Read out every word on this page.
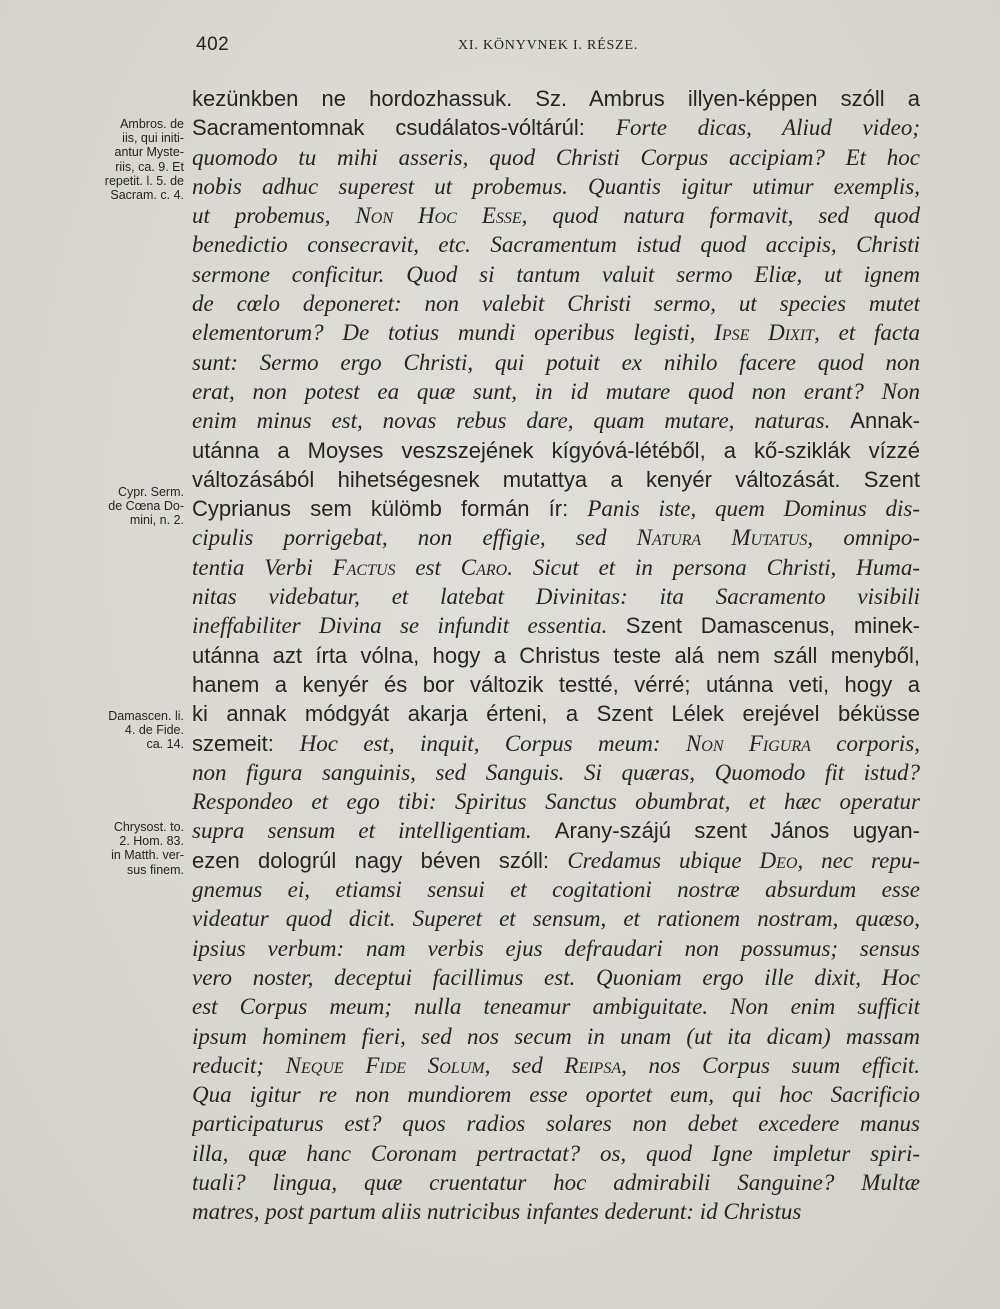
402	XI. KÖNYVNEK I. RÉSZE.
Ambros. de
iis, qui initi-
antur Myste-
riis, ca. 9. Et
repetit. l. 5. de
Sacram. c. 4.
Cypr. Serm.
de Cœna Do-
mini, n. 2.
Damascen. li.
4. de Fide.
ca. 14.
Chrysost. to.
2. Hom. 83.
in Matth. ver-
sus finem.
kezünkben ne hordozhassuk. Sz. Ambrus illyen-képpen szóll a
Sacramentomnak csudálatos-vóltárúl: Forte dicas, Aliud video;
quomodo tu mihi asseris, quod Christi Corpus accipiam? Et hoc
nobis adhuc superest ut probemus. Quantis igitur utimur exemplis,
ut probemus, Non Hoc Esse, quod natura formavit, sed quod
benedictio consecravit, etc. Sacramentum istud quod accipis, Christi
sermone conficitur. Quod si tantum valuit sermo Eliæ, ut ignem
de cœlo deponeret: non valebit Christi sermo, ut species mutet
elementorum? De totius mundi operibus legisti, Ipse Dixit, et facta
sunt: Sermo ergo Christi, qui potuit ex nihilo facere quod non
erat, non potest ea quæ sunt, in id mutare quod non erant? Non
enim minus est, novas rebus dare, quam mutare, naturas. Annak-
utánna a Moyses veszszejének kígyóvá-létéből, a kő-sziklák vízzé
változásából hihetségesnek mutattya a kenyér változását. Szent
Cyprianus sem külömb formán ír: Panis iste, quem Dominus dis-
cipulis porrigebat, non effigie, sed Natura Mutatus, omnipo-
tentia Verbi Factus est Caro. Sicut et in persona Christi, Huma-
nitas videbatur, et latebat Divinitas: ita Sacramento visibili
ineffabiliter Divina se infundit essentia. Szent Damascenus, minek-
utánna azt írta vólna, hogy a Christus teste alá nem száll menyből,
hanem a kenyér és bor változik testté, vérré; utánna veti, hogy a
ki annak módgyát akarja érteni, a Szent Lélek erejével béküsse
szemeit: Hoc est, inquit, Corpus meum: Non Figura corporis,
non figura sanguinis, sed Sanguis. Si quæras, Quomodo fit istud?
Respondeo et ego tibi: Spiritus Sanctus obumbrat, et hæc operatur
supra sensum et intelligentiam. Arany-szájú szent János ugyan-
ezen dologrúl nagy béven szóll: Credamus ubique Deo, nec repu-
gnemus ei, etiamsi sensui et cogitationi nostræ absurdum esse
videatur quod dicit. Superet et sensum, et rationem nostram, quæso,
ipsius verbum: nam verbis ejus defraudari non possumus; sensus
vero noster, deceptui facillimus est. Quoniam ergo ille dixit, Hoc
est Corpus meum; nulla teneamur ambiguitate. Non enim sufficit
ipsum hominem fieri, sed nos secum in unam (ut ita dicam) massam
reducit; Neque Fide Solum, sed Reipsa, nos Corpus suum efficit.
Qua igitur re non mundiorem esse oportet eum, qui hoc Sacrificio
participaturus est? quos radios solares non debet excedere manus
illa, quæ hanc Coronam pertractat? os, quod Igne impletur spiri-
tuali? lingua, quæ cruentatur hoc admirabili Sanguine? Multæ
matres, post partum aliis nutricibus infantes dederunt: id Christus
